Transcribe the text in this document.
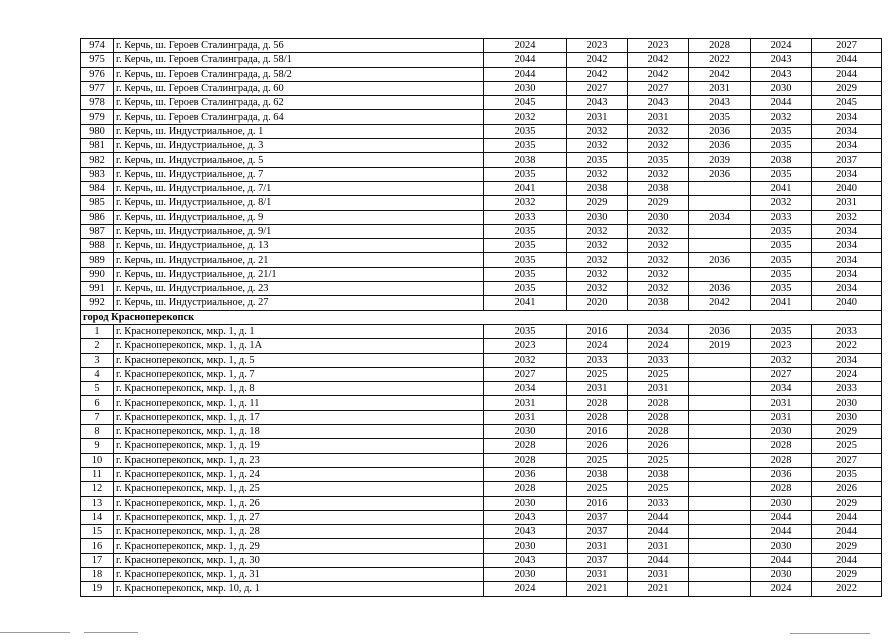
974	г. Керчь, ш. Героев Сталинграда, д. 56	2024	2023	2023	2028	2024	2027
975	г. Керчь, ш. Героев Сталинграда, д. 58/1	2044	2042	2042	2022	2043	2044
976	г. Керчь, ш. Героев Сталинграда, д. 58/2	2044	2042	2042	2042	2043	2044
977	г. Керчь, ш. Героев Сталинграда, д. 60	2030	2027	2027	2031	2030	2029
978	г. Керчь, ш. Героев Сталинграда, д. 62	2045	2043	2043	2043	2044	2045
979	г. Керчь, ш. Героев Сталинграда, д. 64	2032	2031	2031	2035	2032	2034
980	г. Керчь, ш. Индустриальное, д. 1	2035	2032	2032	2036	2035	2034
981	г. Керчь, ш. Индустриальное, д. 3	2035	2032	2032	2036	2035	2034
982	г. Керчь, ш. Индустриальное, д. 5	2038	2035	2035	2039	2038	2037
983	г. Керчь, ш. Индустриальное, д. 7	2035	2032	2032	2036	2035	2034
984	г. Керчь, ш. Индустриальное, д. 7/1	2041	2038	2038		2041	2040
985	г. Керчь, ш. Индустриальное, д. 8/1	2032	2029	2029		2032	2031
986	г. Керчь, ш. Индустриальное, д. 9	2033	2030	2030	2034	2033	2032
987	г. Керчь, ш. Индустриальное, д. 9/1	2035	2032	2032		2035	2034
988	г. Керчь, ш. Индустриальное, д. 13	2035	2032	2032		2035	2034
989	г. Керчь, ш. Индустриальное, д. 21	2035	2032	2032	2036	2035	2034
990	г. Керчь, ш. Индустриальное, д. 21/1	2035	2032	2032		2035	2034
991	г. Керчь, ш. Индустриальное, д. 23	2035	2032	2032	2036	2035	2034
992	г. Керчь, ш. Индустриальное, д. 27	2041	2020	2038	2042	2041	2040
город Красноперекопск							
1	г. Красноперекопск, мкр. 1, д. 1	2035	2016	2034	2036	2035	2033
2	г. Красноперекопск, мкр. 1, д. 1А	2023	2024	2024	2019	2023	2022
3	г. Красноперекопск, мкр. 1, д. 5	2032	2033	2033		2032	2034
4	г. Красноперекопск, мкр. 1, д. 7	2027	2025	2025		2027	2024
5	г. Красноперекопск, мкр. 1, д. 8	2034	2031	2031		2034	2033
6	г. Красноперекопск, мкр. 1, д. 11	2031	2028	2028		2031	2030
7	г. Красноперекопск, мкр. 1, д. 17	2031	2028	2028		2031	2030
8	г. Красноперекопск, мкр. 1, д. 18	2030	2016	2028		2030	2029
9	г. Красноперекопск, мкр. 1, д. 19	2028	2026	2026		2028	2025
10	г. Красноперекопск, мкр. 1, д. 23	2028	2025	2025		2028	2027
11	г. Красноперекопск, мкр. 1, д. 24	2036	2038	2038		2036	2035
12	г. Красноперекопск, мкр. 1, д. 25	2028	2025	2025		2028	2026
13	г. Красноперекопск, мкр. 1, д. 26	2030	2016	2033		2030	2029
14	г. Красноперекопск, мкр. 1, д. 27	2043	2037	2044		2044	2044
15	г. Красноперекопск, мкр. 1, д. 28	2043	2037	2044		2044	2044
16	г. Красноперекопск, мкр. 1, д. 29	2030	2031	2031		2030	2029
17	г. Красноперекопск, мкр. 1, д. 30	2043	2037	2044		2044	2044
18	г. Красноперекопск, мкр. 1, д. 31	2030	2031	2031		2030	2029
19	г. Красноперекопск, мкр. 10, д. 1	2024	2021	2021		2024	2022
